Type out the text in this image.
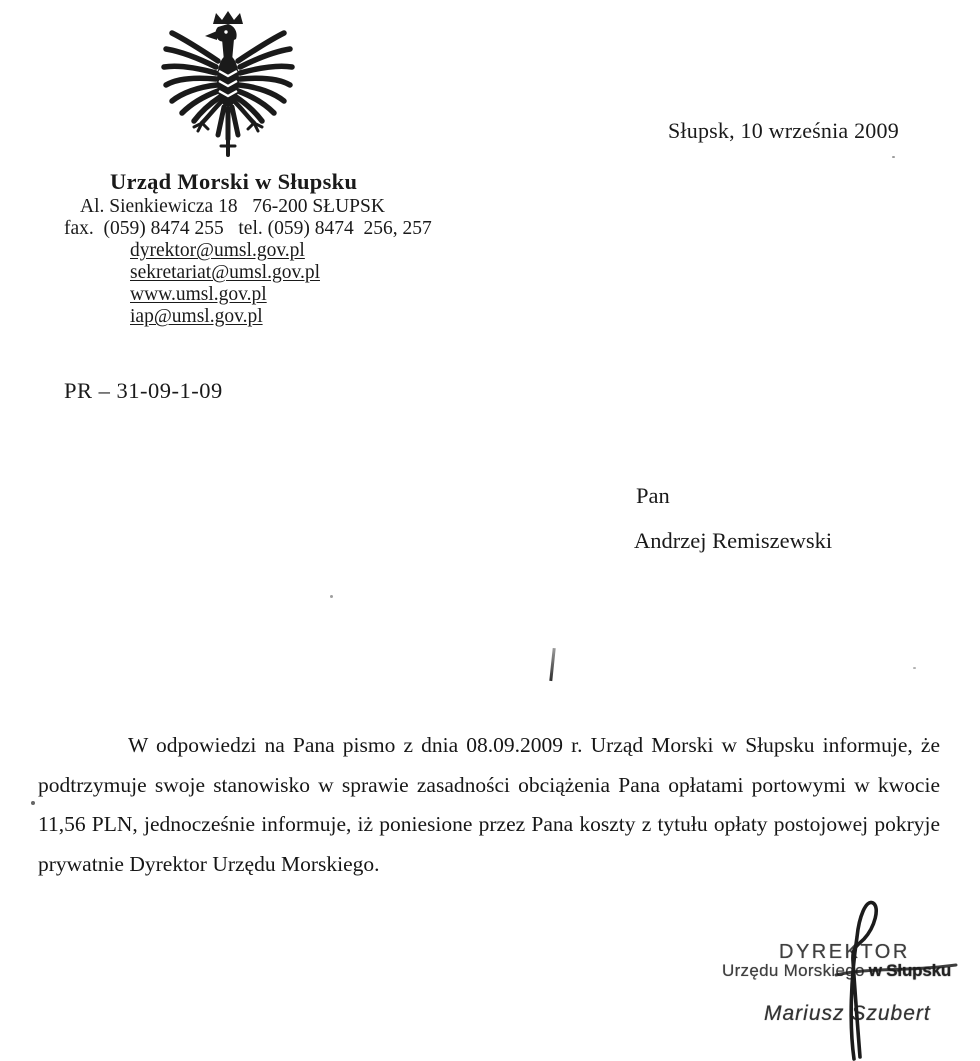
Słupsk, 10 września 2009
Urząd Morski w Słupsku
Al. Sienkiewicza 18   76-200 SŁUPSK
fax.  (059) 8474 255   tel. (059) 8474  256, 257
dyrektor@umsl.gov.pl
sekretariat@umsl.gov.pl
www.umsl.gov.pl
iap@umsl.gov.pl
PR – 31-09-1-09
Pan
Andrzej Remiszewski
W odpowiedzi na Pana pismo z dnia 08.09.2009 r. Urząd Morski w Słupsku informuje, że podtrzymuje swoje stanowisko w sprawie zasadności obciążenia Pana opłatami portowymi w kwocie 11,56 PLN, jednocześnie informuje, iż poniesione przez Pana koszty z tytułu opłaty postojowej pokryje prywatnie Dyrektor Urzędu Morskiego.
DYREKTOR
Urzędu Morskiego w Słupsku
Mariusz Szubert
